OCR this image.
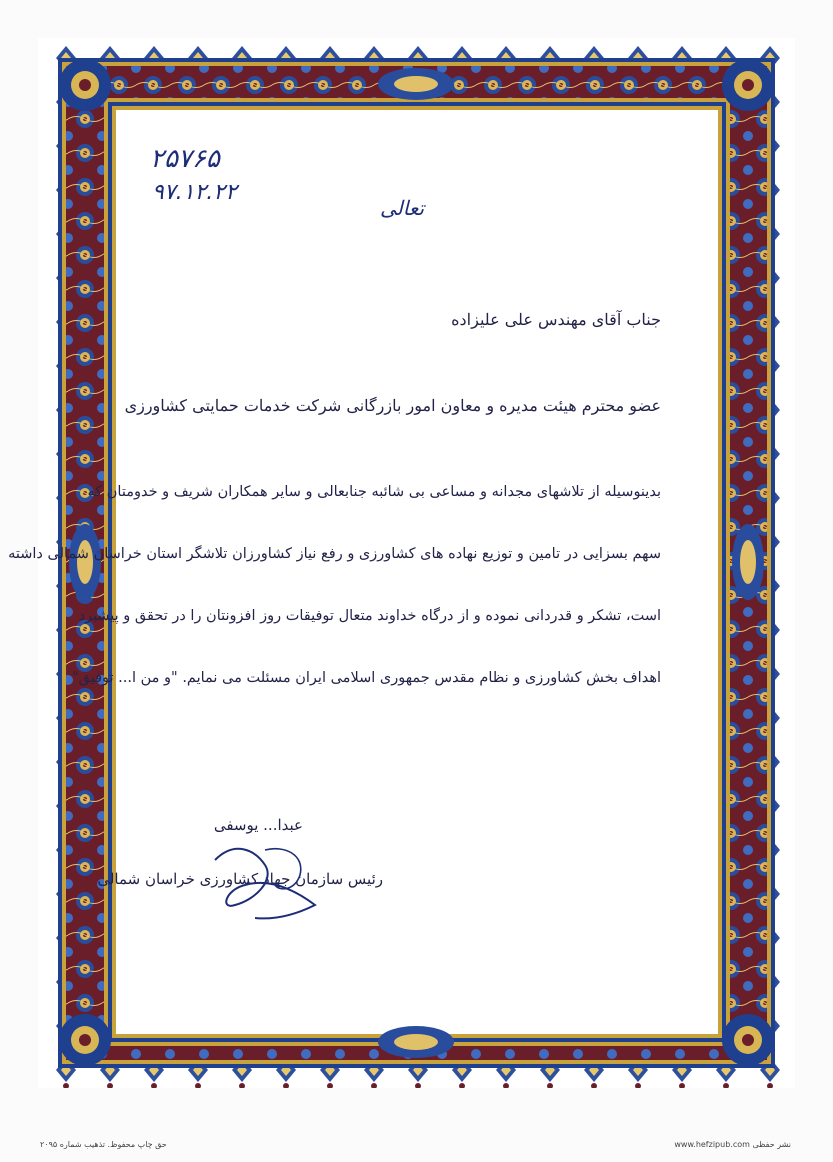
۲۵۷۶۵
۹۷.۱۲.۲۲
تعالی
جناب آقای مهندس علی علیزاده
عضو محترم هیئت مدیره و معاون امور بازرگانی شرکت خدمات حمایتی کشاورزی
بدینوسیله از تلاشهای مجدانه و مساعی بی شائبه جنابعالی و سایر همکاران شریف و خدومتان که
سهم بسزایی در تامین و توزیع نهاده های کشاورزی و رفع نیاز کشاورزان تلاشگر استان خراسان شمالی داشته
است، تشکر و قدردانی نموده و از درگاه خداوند متعال توفیقات روز افزونتان را در تحقق و پیشبرد
اهداف بخش کشاورزی و نظام مقدس جمهوری اسلامی ایران مسئلت می نمایم. "و من ا... توفیق"
عبدا... یوسفی
رئیس سازمان جهاد کشاورزی خراسان شمالی
حق چاپ محفوظ. تذهیب شماره ۲۰۹۵	www.hefzipub.com نشر حفظی
